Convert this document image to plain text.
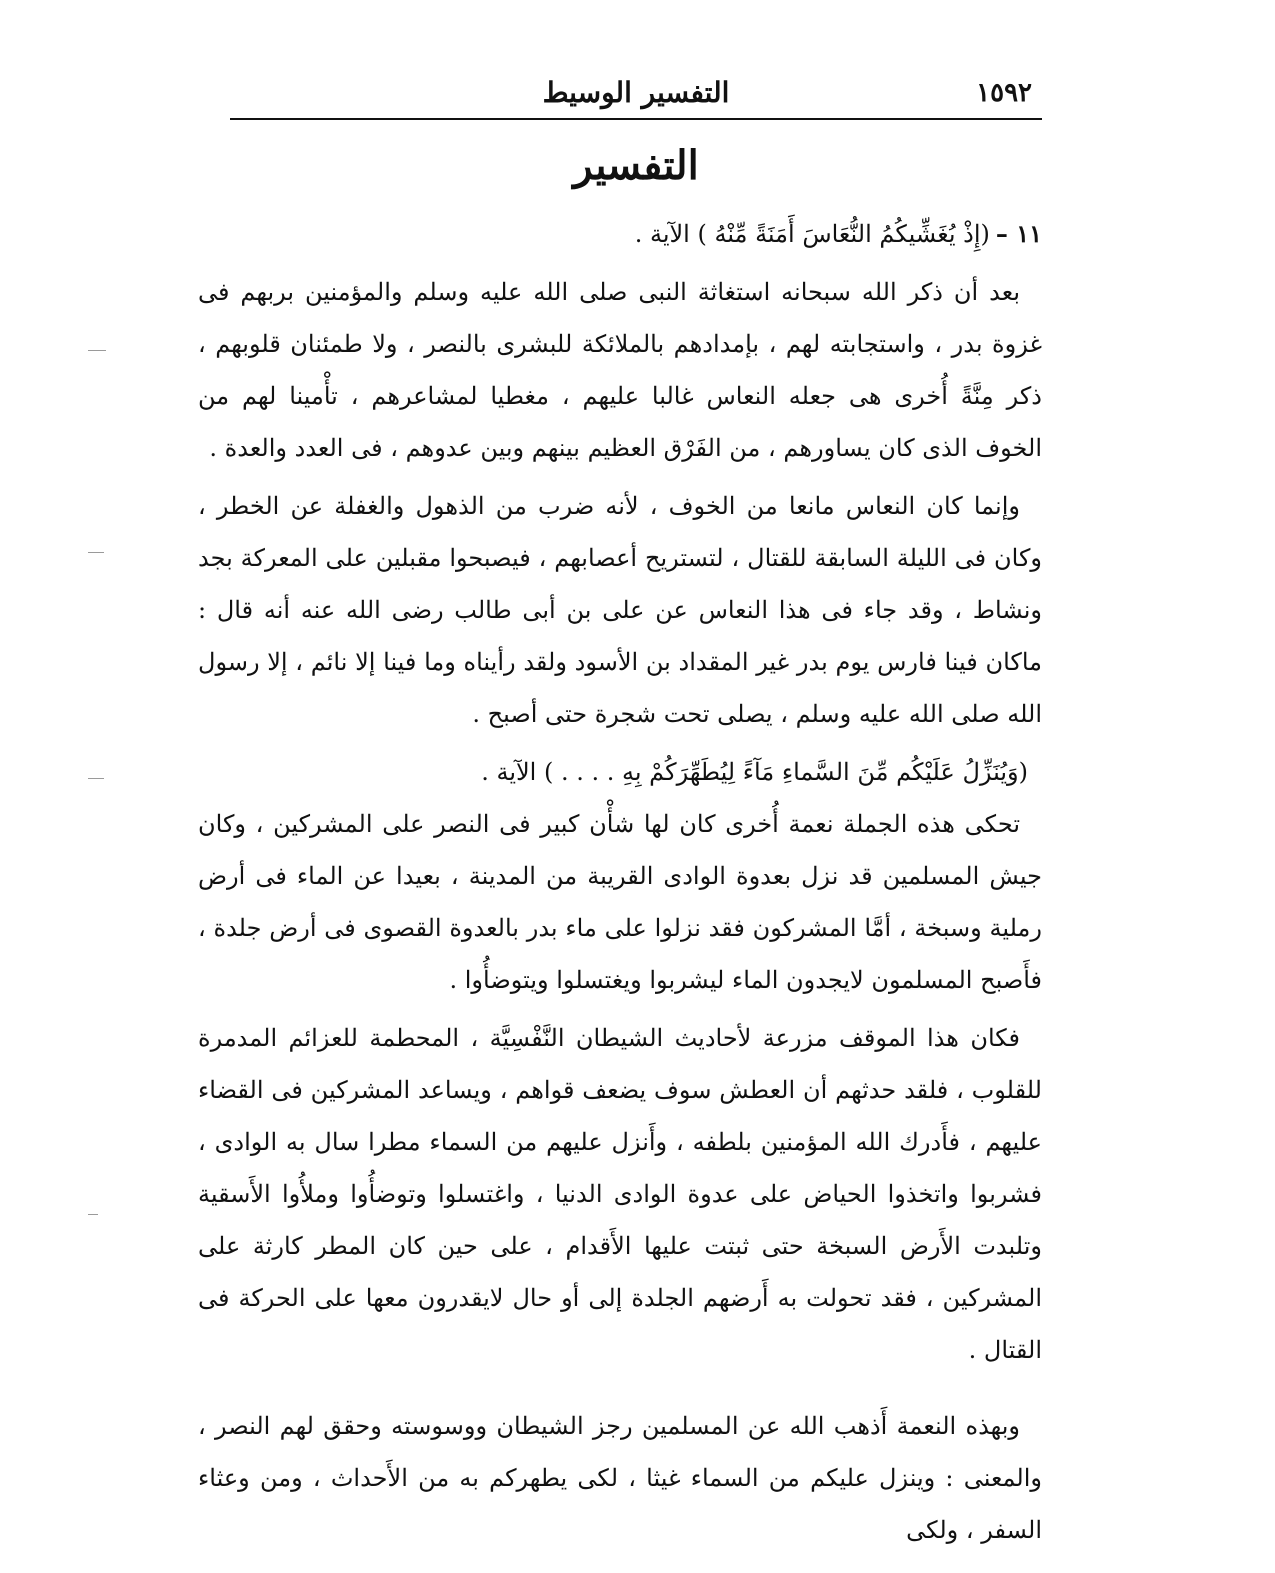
١٥٩٢
التفسير الوسيط
التفسير

١١ –(إِذْ يُغَشِّيكُمُ النُّعَاسَ أَمَنَةً مِّنْهُ ) الآية .

بعد أن ذكر الله سبحانه استغاثة النبى صلى الله عليه وسلم والمؤمنين بربهم فى غزوة بدر ، واستجابته لهم ، بإمدادهم بالملائكة للبشرى بالنصر ، ولا طمئنان قلوبهم ، ذكر مِنَّةً أُخرى هى جعله النعاس غالبا عليهم ، مغطيا لمشاعرهم ، تأْمينا لهم من الخوف الذى كان يساورهم ، من الفَرْق العظيم بينهم وبين عدوهم ، فى العدد والعدة .

وإنما كان النعاس مانعا من الخوف ، لأنه ضرب من الذهول والغفلة عن الخطر ، وكان فى الليلة السابقة للقتال ، لتستريح أعصابهم ، فيصبحوا مقبلين على المعركة بجد ونشاط ، وقد جاء فى هذا النعاس عن على بن أبى طالب رضى الله عنه أنه قال : ماكان فينا فارس يوم بدر غير المقداد بن الأسود ولقد رأيناه وما فينا إلا نائم ، إلا رسول الله صلى الله عليه وسلم ، يصلى تحت شجرة حتى أصبح .

(وَيُنَزِّلُ عَلَيْكُم مِّنَ السَّماءِ مَآءً لِيُطَهِّرَكُمْ بِهِ . . . . ) الآية .

تحكى هذه الجملة نعمة أُخرى كان لها شأْن كبير فى النصر على المشركين ، وكان جيش المسلمين قد نزل بعدوة الوادى القريبة من المدينة ، بعيدا عن الماء فى أرض رملية وسبخة ، أمَّا المشركون فقد نزلوا على ماء بدر بالعدوة القصوى فى أرض جلدة ، فأَصبح المسلمون لايجدون الماء ليشربوا ويغتسلوا ويتوضأُوا .

فكان هذا الموقف مزرعة لأحاديث الشيطان النَّفْسِيَّة ، المحطمة للعزائم المدمرة للقلوب ، فلقد حدثهم أن العطش سوف يضعف قواهم ، ويساعد المشركين فى القضاء عليهم ، فأَدرك الله المؤمنين بلطفه ، وأَنزل عليهم من السماء مطرا سال به الوادى ، فشربوا واتخذوا الحياض على عدوة الوادى الدنيا ، واغتسلوا وتوضأُوا وملأُوا الأَسقية وتلبدت الأَرض السبخة حتى ثبتت عليها الأَقدام ، على حين كان المطر كارثة على المشركين ، فقد تحولت به أَرضهم الجلدة إلى أو حال لايقدرون معها على الحركة فى القتال .

وبهذه النعمة أَذهب الله عن المسلمين رجز الشيطان ووسوسته وحقق لهم النصر ، والمعنى : وينزل عليكم من السماء غيثا ، لكى يطهركم به من الأَحداث ، ومن وعثاء السفر ، ولكى
